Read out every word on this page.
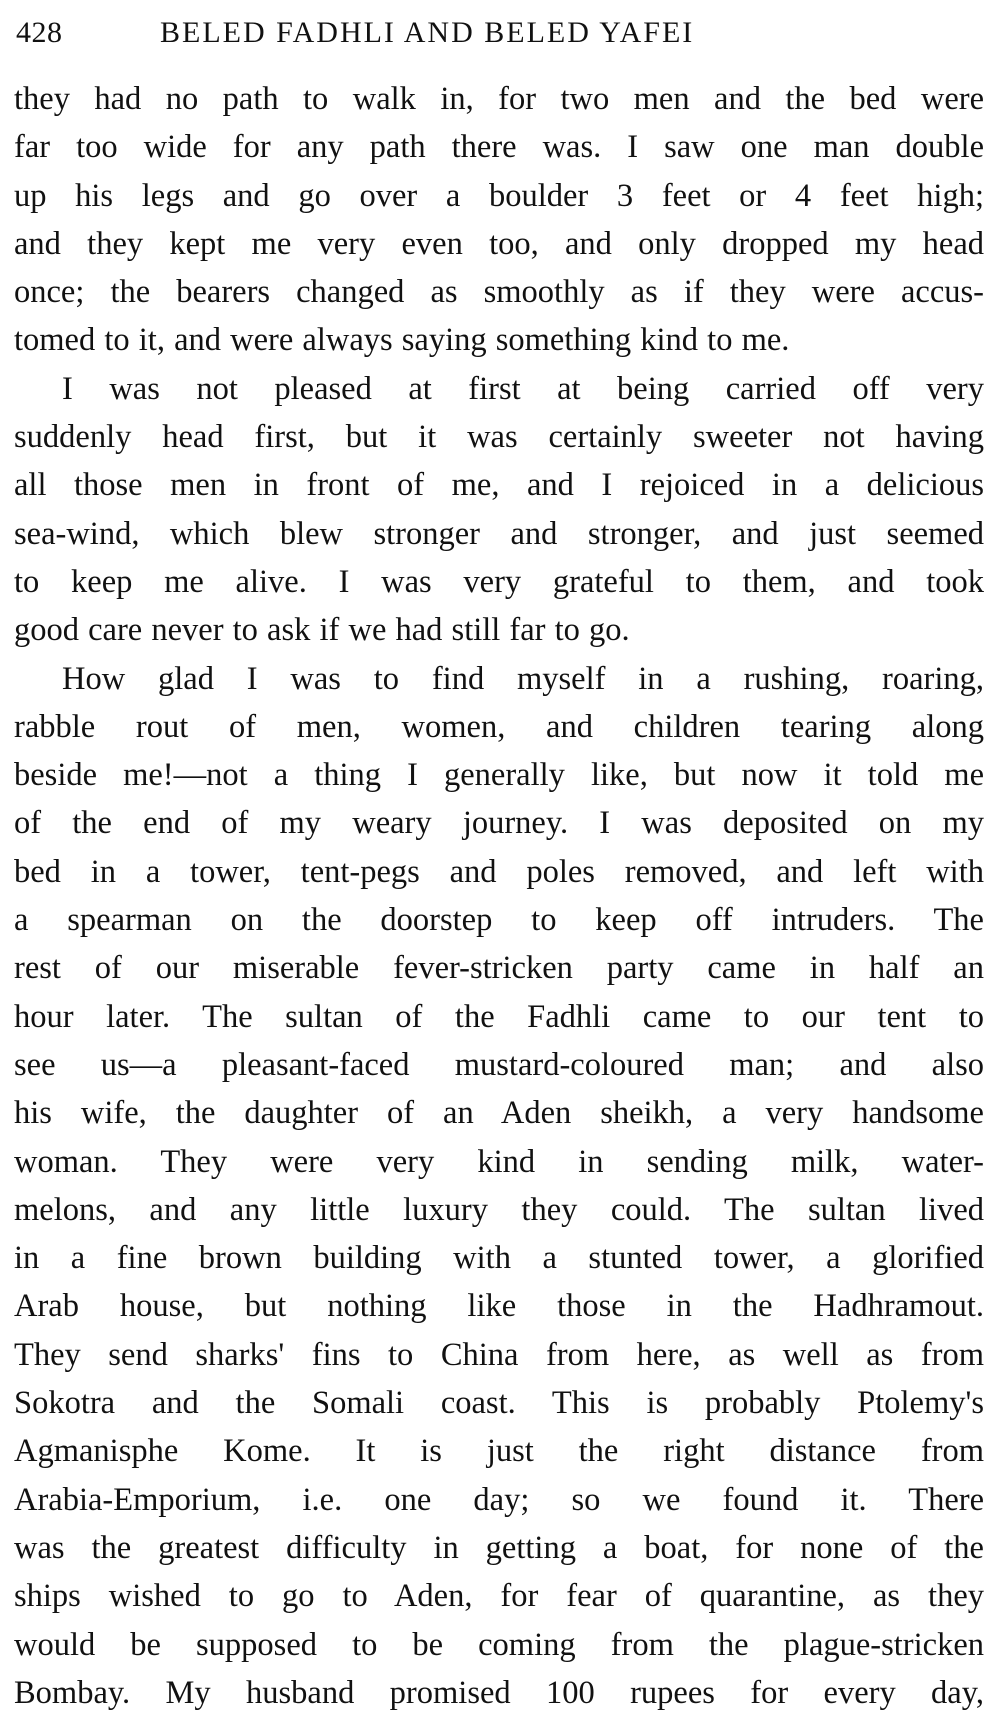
428	BELED FADHLI AND BELED YAFEI

they had no path to walk in, for two men and the bed were
far too wide for any path there was. I saw one man double
up his legs and go over a boulder 3 feet or 4 feet high;
and they kept me very even too, and only dropped my head
once; the bearers changed as smoothly as if they were accus-
tomed to it, and were always saying something kind to me.

I was not pleased at first at being carried off very
suddenly head first, but it was certainly sweeter not having
all those men in front of me, and I rejoiced in a delicious
sea-wind, which blew stronger and stronger, and just seemed
to keep me alive. I was very grateful to them, and took
good care never to ask if we had still far to go.

How glad I was to find myself in a rushing, roaring,
rabble rout of men, women, and children tearing along
beside me!—not a thing I generally like, but now it told me
of the end of my weary journey. I was deposited on my
bed in a tower, tent-pegs and poles removed, and left with
a spearman on the doorstep to keep off intruders. The
rest of our miserable fever-stricken party came in half an
hour later. The sultan of the Fadhli came to our tent to
see us—a pleasant-faced mustard-coloured man; and also
his wife, the daughter of an Aden sheikh, a very handsome
woman. They were very kind in sending milk, water-
melons, and any little luxury they could. The sultan lived
in a fine brown building with a stunted tower, a glorified
Arab house, but nothing like those in the Hadhramout.
They send sharks' fins to China from here, as well as from
Sokotra and the Somali coast. This is probably Ptolemy's
Agmanisphe Kome. It is just the right distance from
Arabia-Emporium, i.e. one day; so we found it. There
was the greatest difficulty in getting a boat, for none of the
ships wished to go to Aden, for fear of quarantine, as they
would be supposed to be coming from the plague-stricken
Bombay. My husband promised 100 rupees for every day,
